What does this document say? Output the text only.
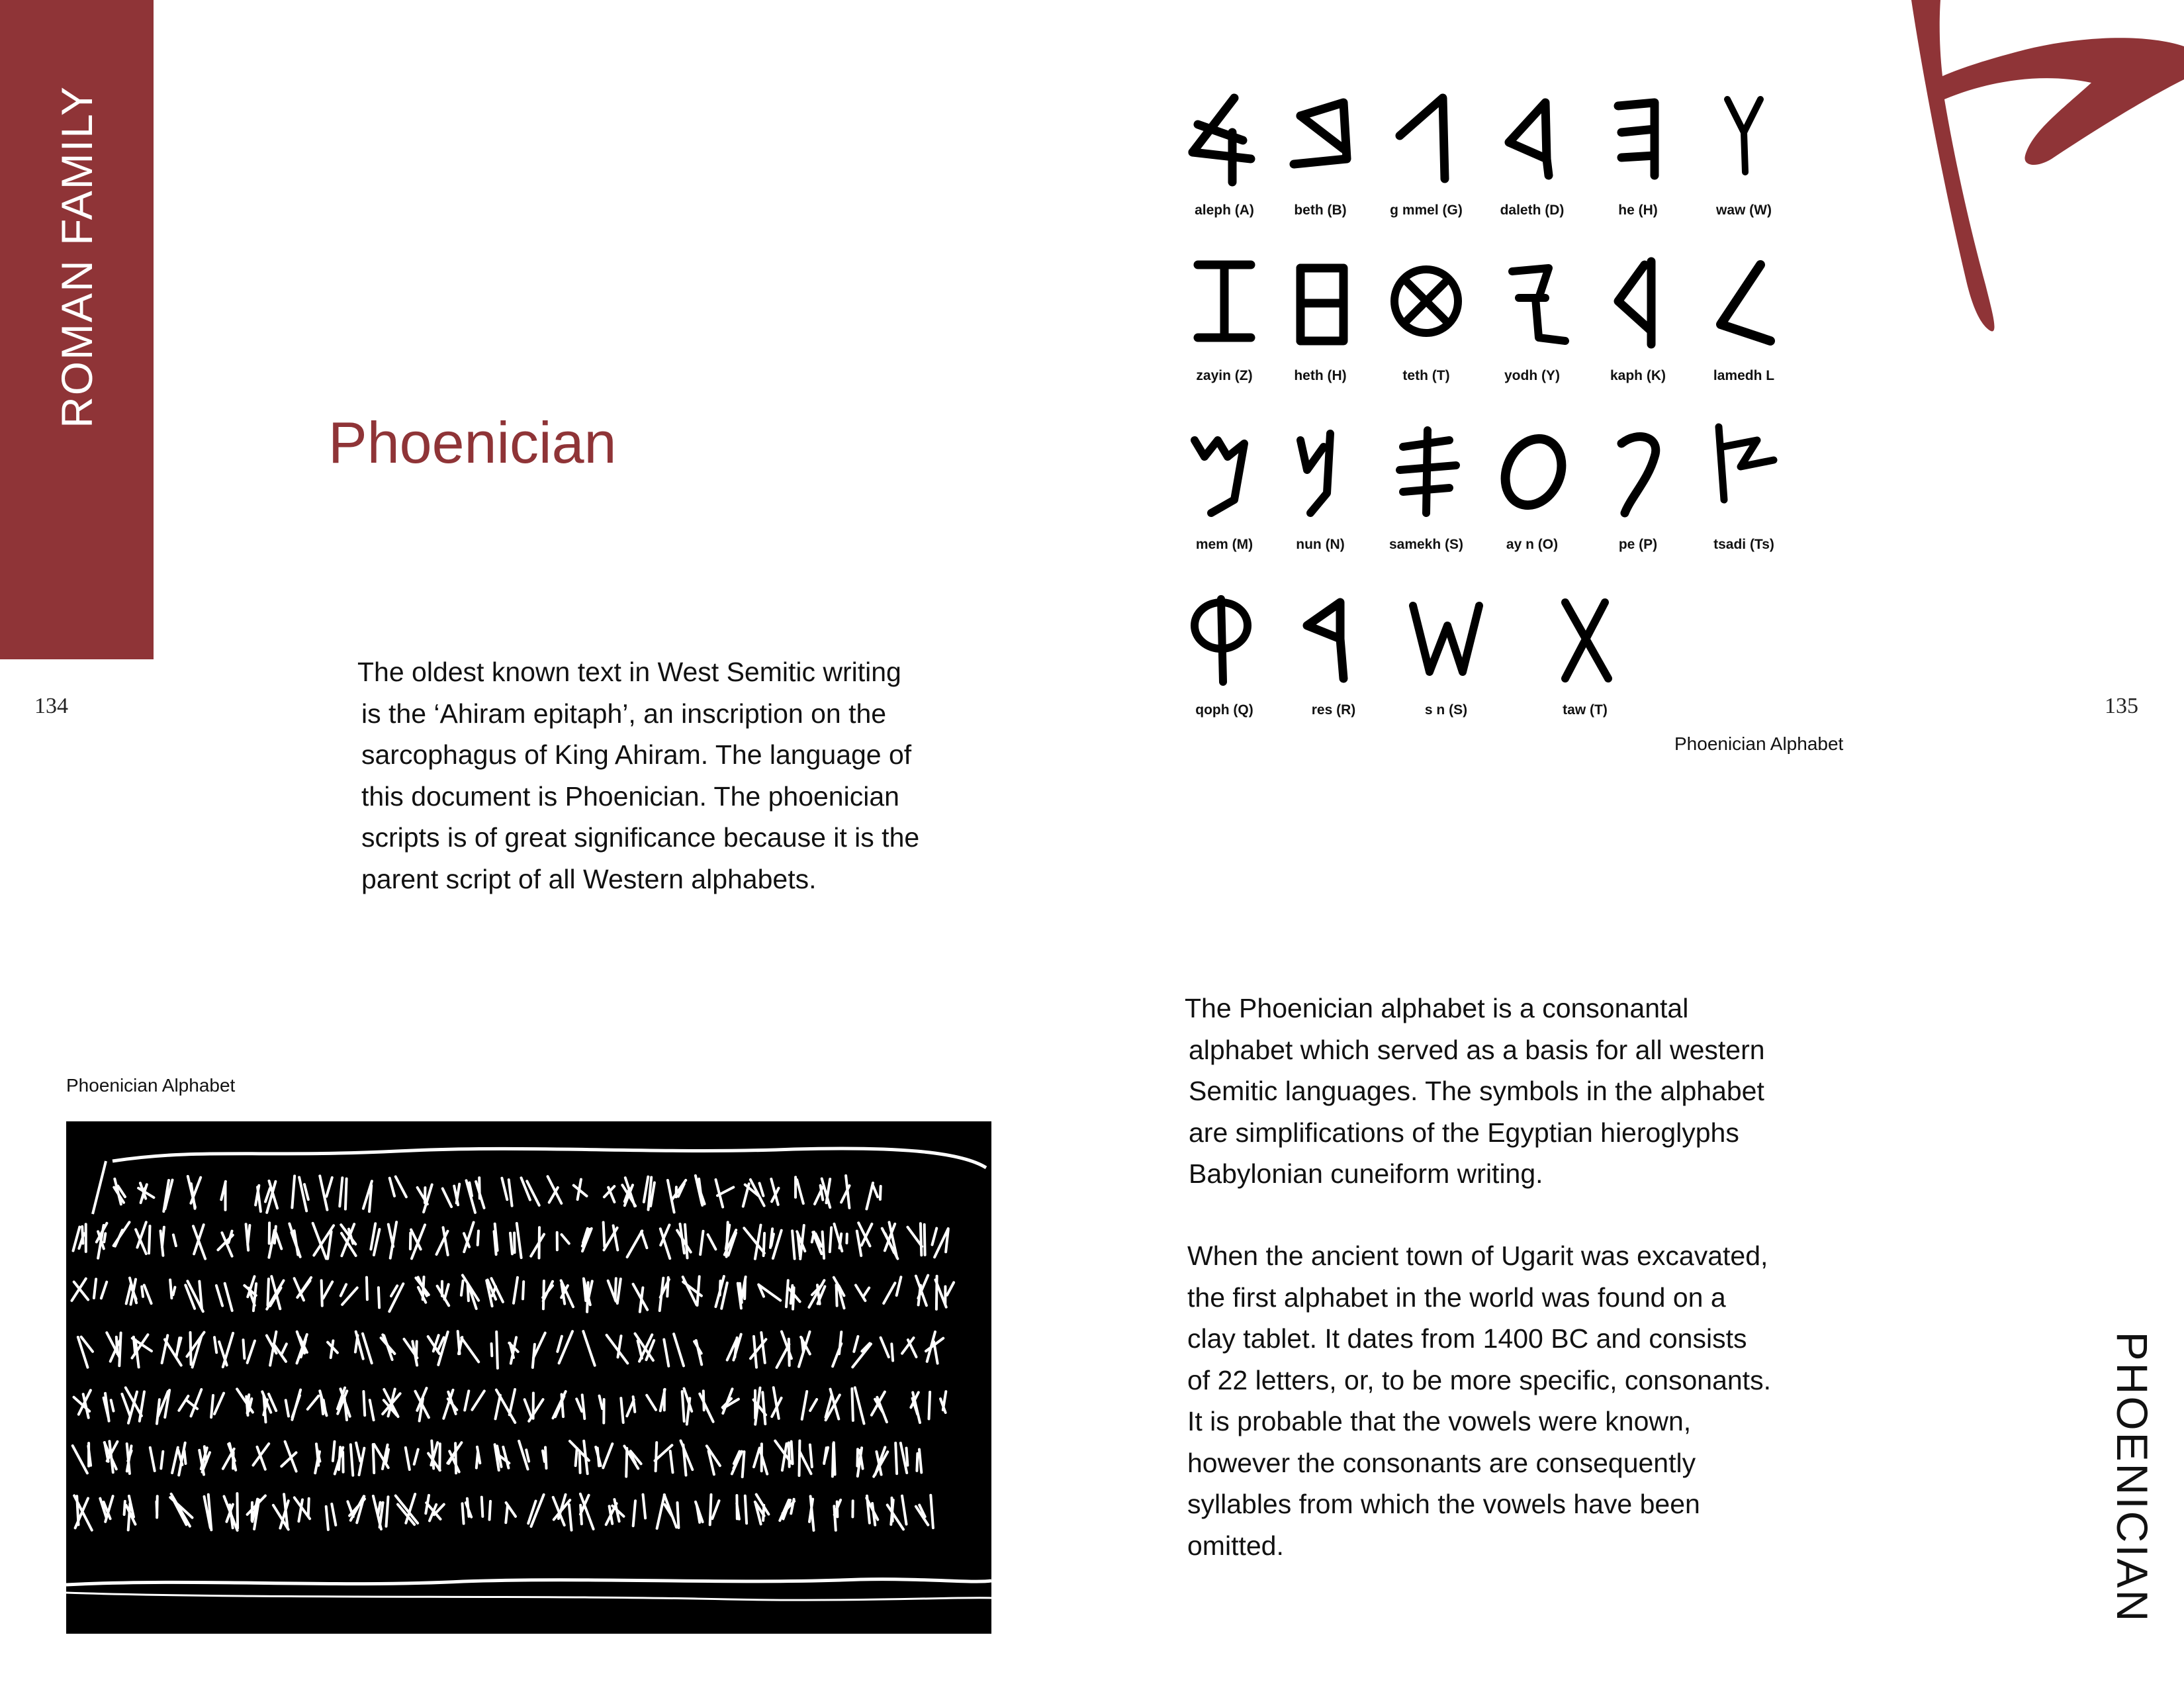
ROMAN FAMILY
134	135
Phoenician
The oldest known text in West Semitic writing
is the ‘Ahiram epitaph’, an inscription on the
sarcophagus of King Ahiram. The language of
this document is Phoenician. The phoenician
scripts is of great significance because it is the
parent script of all Western alphabets.
aleph (A)	beth (B)	g mmel (G)	daleth (D)	he (H)	waw (W)
zayin (Z)	heth (H)	teth (T)	yodh (Y)	kaph (K)	lamedh L
mem (M)	nun (N)	samekh (S)	ay n (O)	pe (P)	tsadi (Ts)
qoph (Q)	res (R)	s n (S)	taw (T)
Phoenician Alphabet
Phoenician Alphabet
The Phoenician alphabet is a consonantal
alphabet which served as a basis for all western
Semitic languages. The symbols in the alphabet
are simplifications of the Egyptian hieroglyphs
Babylonian cuneiform writing.
When the ancient town of Ugarit was excavated,
the first alphabet in the world was found on a
clay tablet. It dates from 1400 BC and consists
of 22 letters, or, to be more specific, consonants.
It is probable that the vowels were known,
however the consonants are consequently
syllables from which the vowels have been
omitted.	PHOENICIAN
